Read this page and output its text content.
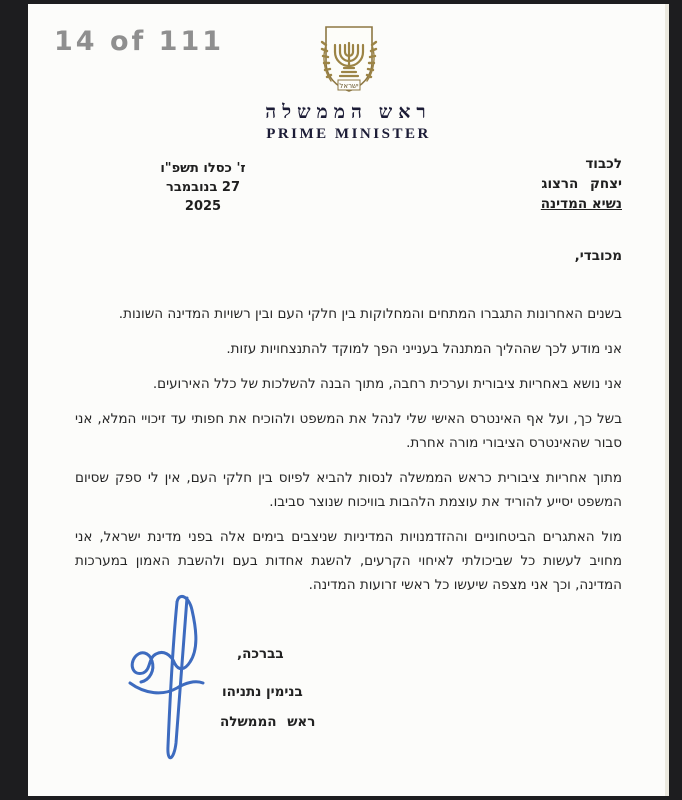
14 of 111
ישראל
ראש הממשלה
PRIME MINISTER
ז' כסלו תשפ"ו
27 בנובמבר 2025
לכבוד
יצחק הרצוג
נשיא המדינה
מכובדי,

בשנים האחרונות התגברו המתחים והמחלוקות בין חלקי העם ובין רשויות המדינה השונות.

אני מודע לכך שההליך המתנהל בענייני הפך למוקד להתנצחויות עזות.

אני נושא באחריות ציבורית וערכית רחבה, מתוך הבנה להשלכות של כלל האירועים.

בשל כך, ועל אף האינטרס האישי שלי לנהל את המשפט ולהוכיח את חפותי עד זיכויי המלא, אני סבור שהאינטרס הציבורי מורה אחרת.

מתוך אחריות ציבורית כראש הממשלה לנסות להביא לפיוס בין חלקי העם, אין לי ספק שסיום המשפט יסייע להוריד את עוצמת הלהבות בוויכוח שנוצר סביבו.

מול האתגרים הביטחוניים וההזדמנויות המדיניות שניצבים בימים אלה בפני מדינת ישראל, אני מחויב לעשות כל שביכולתי לאיחוי הקרעים, להשגת אחדות בעם ולהשבת האמון במערכות המדינה, וכך אני מצפה שיעשו כל ראשי זרועות המדינה.

בברכה,
בנימין נתניהו
ראש הממשלה
